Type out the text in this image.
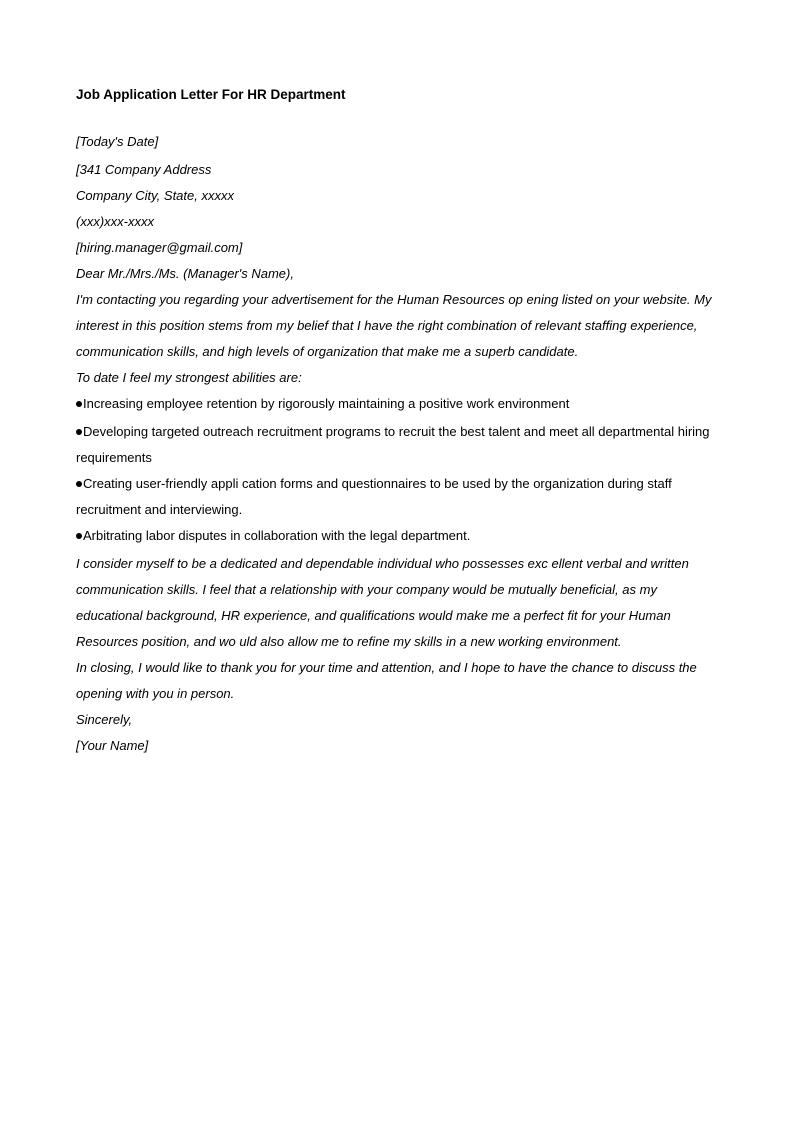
Job Application Letter For HR Department
[Today's Date]
[341 Company Address
Company City, State, xxxxx
(xxx)xxx-xxxx
[hiring.manager@gmail.com]
Dear Mr./Mrs./Ms. (Manager's Name),

I'm contacting you regarding your advertisement for the Human Resources op ening listed on your website. My interest in this position stems from my belief that I have the right combination of relevant staffing experience, communication skills, and high levels of organization that make me a superb candidate.

To date I feel my strongest abilities are:

Increasing employee retention by rigorously maintaining a positive work environment

Developing targeted outreach recruitment programs to recruit the best talent and meet all departmental hiring requirements

Creating user-friendly appli cation forms and questionnaires to be used by the organization during staff recruitment and interviewing.

Arbitrating labor disputes in collaboration with the legal department.

I consider myself to be a dedicated and dependable individual who possesses exc ellent verbal and written communication skills. I feel that a relationship with your company would be mutually beneficial, as my educational background, HR experience, and qualifications would make me a perfect fit for your Human Resources position, and wo uld also allow me to refine my skills in a new working environment.

In closing, I would like to thank you for your time and attention, and I hope to have the chance to discuss the opening with you in person.

Sincerely,
[Your Name]
